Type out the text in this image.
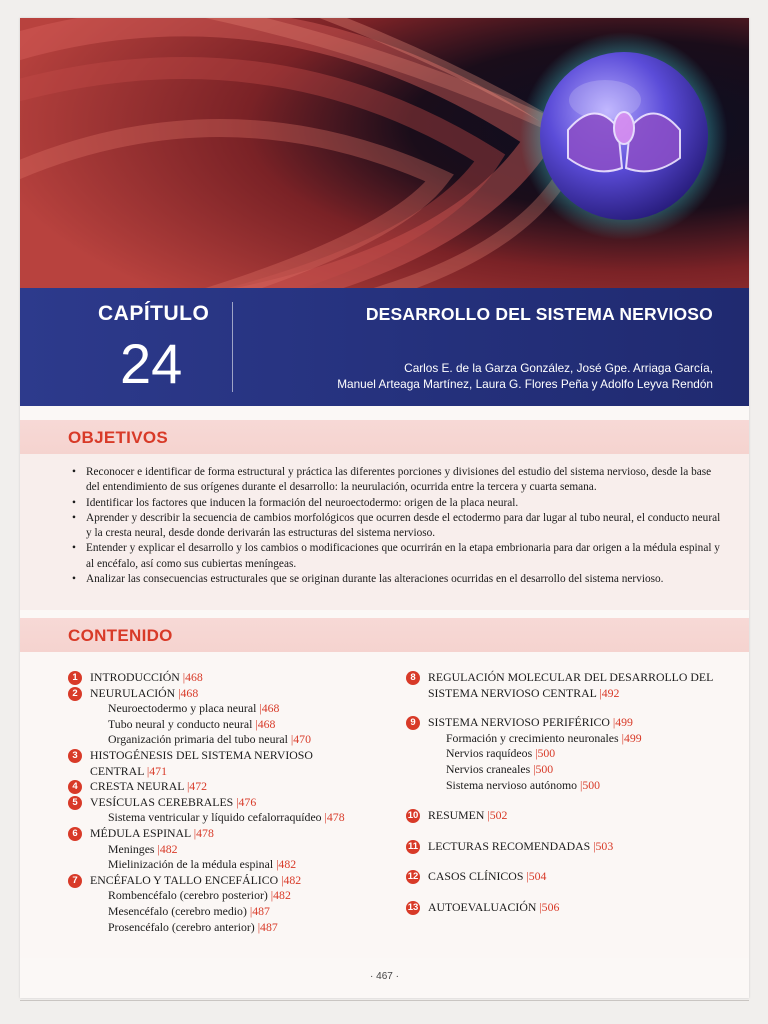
CAPÍTULO
24
DESARROLLO DEL SISTEMA NERVIOSO
Carlos E. de la Garza González, José Gpe. Arriaga García,
Manuel Arteaga Martínez, Laura G. Flores Peña y Adolfo Leyva Rendón
OBJETIVOS
• Reconocer e identificar de forma estructural y práctica las diferentes porciones y divisiones del estudio del sistema nervioso, desde la base del entendimiento de sus orígenes durante el desarrollo: la neurulación, ocurrida entre la tercera y cuarta semana.
• Identificar los factores que inducen la formación del neuroectodermo: origen de la placa neural.
• Aprender y describir la secuencia de cambios morfológicos que ocurren desde el ectodermo para dar lugar al tubo neural, el conducto neural y la cresta neural, desde donde derivarán las estructuras del sistema nervioso.
• Entender y explicar el desarrollo y los cambios o modificaciones que ocurrirán en la etapa embrionaria para dar origen a la médula espinal y al encéfalo, así como sus cubiertas meníngeas.
• Analizar las consecuencias estructurales que se originan durante las alteraciones ocurridas en el desarrollo del sistema nervioso.
CONTENIDO
1	INTRODUCCIÓN |468
2	NEURULACIÓN |468
Neuroectodermo y placa neural |468
Tubo neural y conducto neural |468
Organización primaria del tubo neural |470
3	HISTOGÉNESIS DEL SISTEMA NERVIOSO
CENTRAL |471
4	CRESTA NEURAL |472
5	VESÍCULAS CEREBRALES |476
Sistema ventricular y líquido cefalorraquídeo |478
6	MÉDULA ESPINAL |478
Meninges |482
Mielinización de la médula espinal |482
7	ENCÉFALO Y TALLO ENCEFÁLICO |482
Rombencéfalo (cerebro posterior) |482
Mesencéfalo (cerebro medio) |487
Prosencéfalo (cerebro anterior) |487
8	REGULACIÓN MOLECULAR DEL DESARROLLO DEL
SISTEMA NERVIOSO CENTRAL |492
9	SISTEMA NERVIOSO PERIFÉRICO |499
Formación y crecimiento neuronales |499
Nervios raquídeos |500
Nervios craneales |500
Sistema nervioso autónomo |500
10 RESUMEN |502
11 LECTURAS RECOMENDADAS |503
12 CASOS CLÍNICOS |504
13 AUTOEVALUACIÓN |506
· 467 ·
